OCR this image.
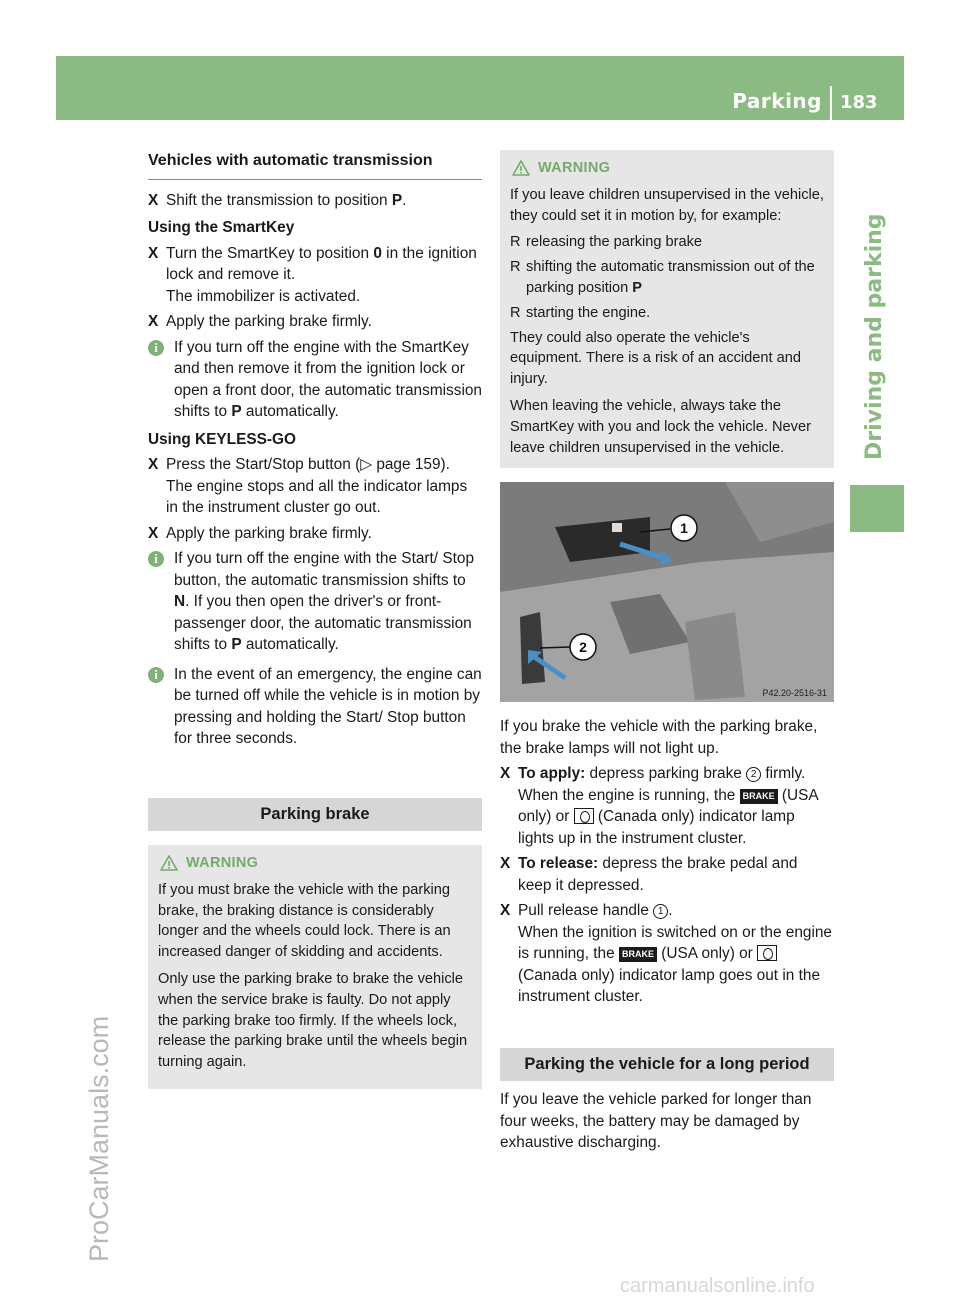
Parking 183
Driving and parking
ProCarManuals.com
carmanualsonline.info
Vehicles with automatic transmission
X Shift the transmission to position P.
Using the SmartKey
X Turn the SmartKey to position 0 in the ignition lock and remove it.
The immobilizer is activated.
X Apply the parking brake firmly.
i	If you turn off the engine with the SmartKey and then remove it from the ignition lock or open a front door, the automatic transmission shifts to P automatically.
Using KEYLESS-GO
X Press the Start/Stop button (▷ page 159).
The engine stops and all the indicator lamps in the instrument cluster go out.
X Apply the parking brake firmly.
i	If you turn off the engine with the Start/ Stop button, the automatic transmission shifts to N. If you then open the driver's or front-passenger door, the automatic transmission shifts to P automatically.
i	In the event of an emergency, the engine can be turned off while the vehicle is in motion by pressing and holding the Start/ Stop button for three seconds.
Parking brake
WARNING

If you must brake the vehicle with the parking brake, the braking distance is considerably longer and the wheels could lock. There is an increased danger of skidding and accidents.

Only use the parking brake to brake the vehicle when the service brake is faulty. Do not apply the parking brake too firmly. If the wheels lock, release the parking brake until the wheels begin turning again.

WARNING

If you leave children unsupervised in the vehicle, they could set it in motion by, for example:

R releasing the parking brake
R shifting the automatic transmission out of the parking position P
R starting the engine.

They could also operate the vehicle's equipment. There is a risk of an accident and injury.

When leaving the vehicle, always take the SmartKey with you and lock the vehicle. Never leave children unsupervised in the vehicle.

1
2
P42.20-2516-31
If you brake the vehicle with the parking brake, the brake lamps will not light up.
X To apply: depress parking brake 2 firmly. When the engine is running, the BRAKE (USA only) or  (Canada only) indicator lamp lights up in the instrument cluster.
X To release: depress the brake pedal and keep it depressed.
X Pull release handle 1 .
When the ignition is switched on or the engine is running, the BRAKE (USA only) or  (Canada only) indicator lamp goes out in the instrument cluster.
Parking the vehicle for a long period
If you leave the vehicle parked for longer than four weeks, the battery may be damaged by exhaustive discharging.
